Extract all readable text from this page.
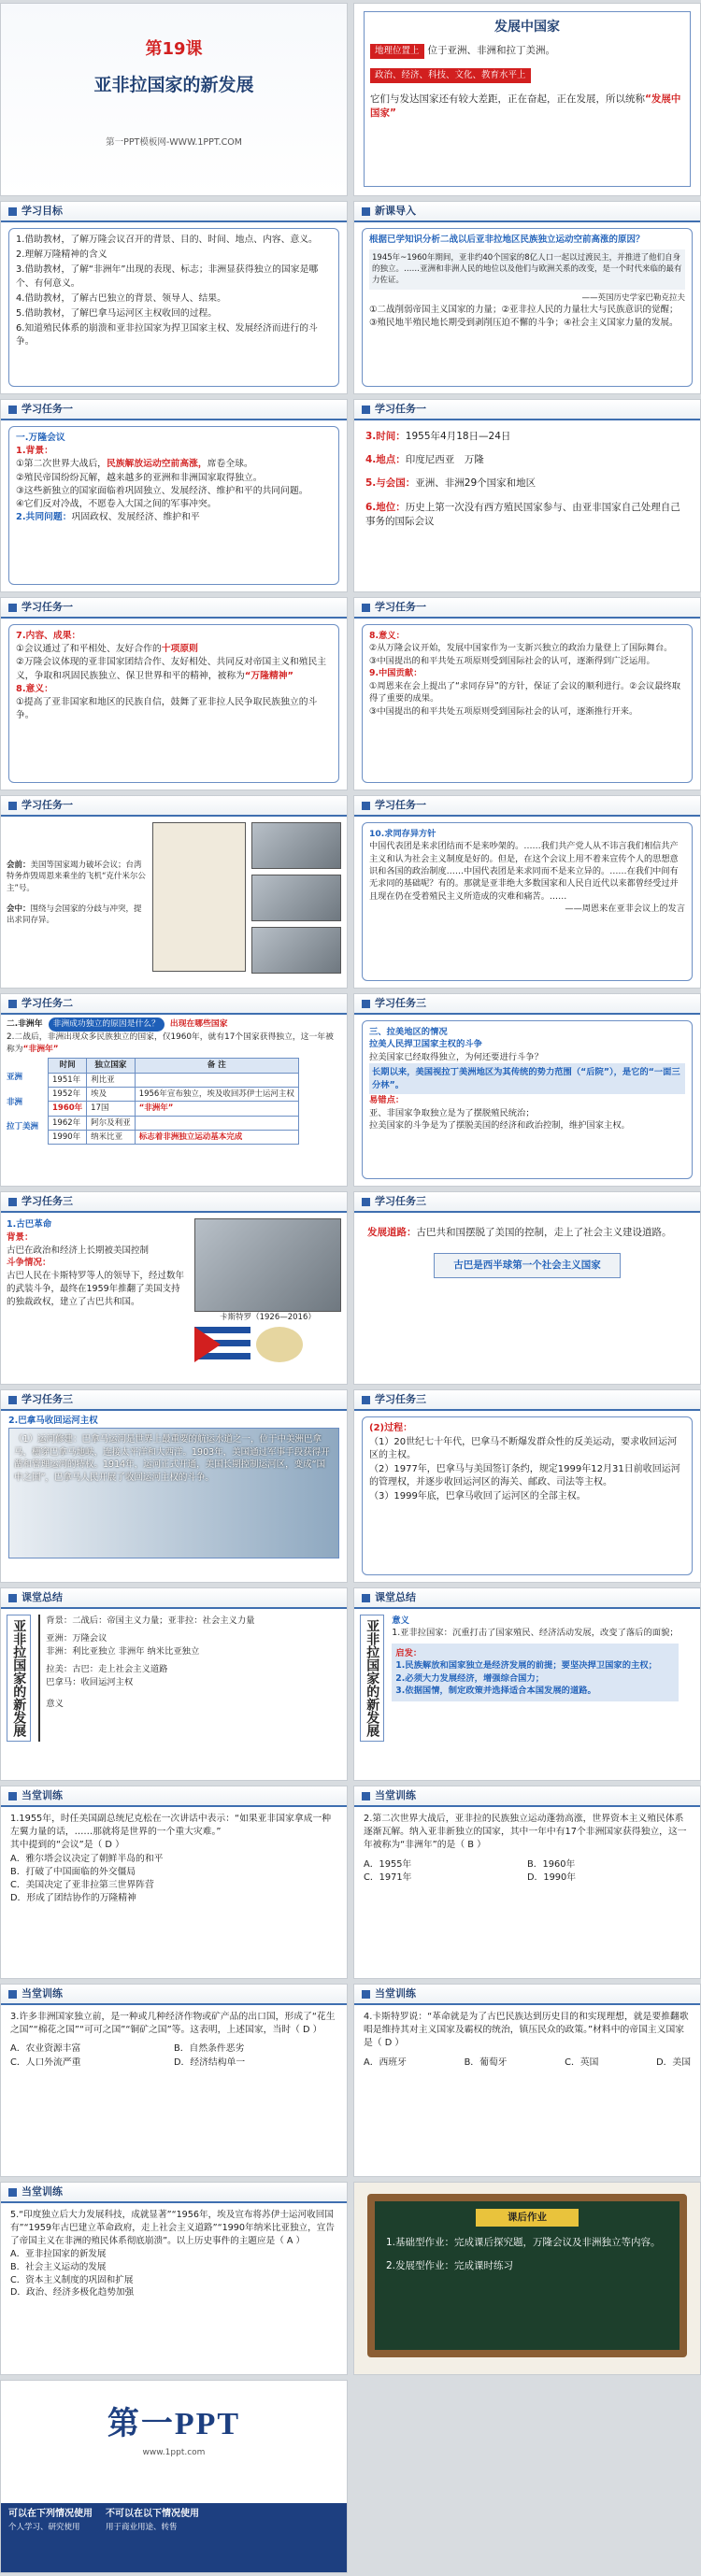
第19课
亚非拉国家的新发展
第一PPT模板网-WWW.1PPT.COM
发展中国家
地理位置上 位于亚洲、非洲和拉丁美洲。
政治、经济、科技、文化、教育水平上
它们与发达国家还有较大差距，正在奋起，正在发展，所以统称“发展中国家”
学习目标
1.借助教材，了解万隆会议召开的背景、目的、时间、地点、内容、意义。
2.理解万隆精神的含义
3.借助教材，了解“非洲年”出现的表现、标志；非洲显获得独立的国家是哪个、有何意义。
4.借助教材，了解古巴独立的背景、领导人、结果。
5.借助教材，了解巴拿马运河区主权收回的过程。
6.知道殖民体系的崩溃和亚非拉国家为捍卫国家主权、发展经济而进行的斗争。
新课导入
根据已学知识分析二战以后亚非拉地区民族独立运动空前高涨的原因？
1945年~1960年期间，亚非约40个国家的8亿人口一起以过渡民主，并推进了他们自身的独立。……亚洲和非洲人民的地位以及他们与欧洲关系的改变，是一个时代来临的最有力佐证。
——英国历史学家巴勒克拉夫
①二战削弱帝国主义国家的力量；②亚非拉人民的力量壮大与民族意识的觉醒；③殖民地半殖民地长期受到剥削压迫不懈的斗争；④社会主义国家力量的发展。
学习任务一
一.万隆会议
1.背景：
①第二次世界大战后，民族解放运动空前高涨，席卷全球。
②殖民帝国纷纷瓦解，越来越多的亚洲和非洲国家取得独立。
③这些新独立的国家面临着巩固独立、发展经济、维护和平的共同问题。
④它们反对冷战，不愿卷入大国之间的军事冲突。
2.共同问题：巩固政权、发展经济、维护和平
学习任务一
3.时间：1955年4月18日—24日
4.地点：印度尼西亚　万隆
5.与会国：亚洲、非洲29个国家和地区
6.地位：历史上第一次没有西方殖民国家参与、由亚非国家自己处理自己事务的国际会议
学习任务一
7.内容、成果：
①会议通过了和平相处、友好合作的十项原则
②万隆会议体现的亚非国家团结合作、友好相处、共同反对帝国主义和殖民主义，争取和巩固民族独立、保卫世界和平的精神，被称为“万隆精神”
8.意义：
①提高了亚非国家和地区的民族自信，鼓舞了亚非拉人民争取民族独立的斗争。
学习任务一
8.意义：
②从万隆会议开始，发展中国家作为一支新兴独立的政治力量登上了国际舞台。
③中国提出的和平共处五项原则受到国际社会的认可，逐渐得到广泛运用。
9.中国贡献：
①周恩来在会上提出了“求同存异”的方针，保证了会议的顺利进行。②会议最终取得了重要的成果。
③中国提出的和平共处五项原则受到国际社会的认可，逐渐推行开来。
学习任务一
会前：美国等国家竭力破坏会议；台湾特务炸毁周恩来乘坐的飞机“克什米尔公主”号。
会中：围绕与会国家的分歧与冲突，提出求同存异。
学习任务一
10.求同存异方针
中国代表团是来求团结而不是来吵架的。……我们共产党人从不讳言我们相信共产主义和认为社会主义制度是好的。但是，在这个会议上用不着来宣传个人的思想意识和各国的政治制度……中国代表团是来求同而不是来立异的。……在我们中间有无求同的基础呢？有的。那就是亚非绝大多数国家和人民自近代以来都曾经受过并且现在仍在受着殖民主义所造成的灾难和痛苦。……
——周恩来在亚非会议上的发言
学习任务二
二.非洲年	非洲成功独立的原因是什么？	出现在哪些国家
2.二战后，非洲出现众多民族独立的国家，仅1960年，就有17个国家获得独立，这一年被称为“非洲年”
亚洲
非洲
拉丁美洲
时间	独立国家	备 注
1951年	利比亚	
1952年	埃及	1956年宣布独立，埃及收回苏伊士运河主权
1960年	17国	“非洲年”
1962年	阿尔及利亚	
1990年	纳米比亚	标志着非洲独立运动基本完成
学习任务三
三、拉美地区的情况
拉美人民捍卫国家主权的斗争
拉美国家已经取得独立，为何还要进行斗争？
长期以来，美国视拉丁美洲地区为其传统的势力范围（“后院”），是它的“一面三分林”。
易错点：
亚、非国家争取独立是为了摆脱殖民统治；
拉美国家的斗争是为了摆脱美国的经济和政治控制，维护国家主权。
学习任务三
1.古巴革命
背景：
古巴在政治和经济上长期被美国控制
斗争情况：
古巴人民在卡斯特罗等人的领导下，经过数年的武装斗争，最终在1959年推翻了美国支持的独裁政权，建立了古巴共和国。
卡斯特罗（1926—2016）
学习任务三
发展道路：古巴共和国摆脱了美国的控制，走上了社会主义建设道路。
古巴是西半球第一个社会主义国家
学习任务三
2.巴拿马收回运河主权
（1）运河修建：巴拿马运河是世界上最重要的航运水道之一，位于中美洲巴拿马，横穿巴拿马地峡，连接太平洋和大西洋。1903年，美国通过军事手段获得开凿和管理运河的特权。1914年，运河正式开通，美国长期控制运河区，变成“国中之国”，巴拿马人民开展了收回运河主权的斗争。
学习任务三
(2)过程：
（1）20世纪七十年代，巴拿马不断爆发群众性的反美运动，要求收回运河区的主权。
（2）1977年，巴拿马与美国签订条约，规定1999年12月31日前收回运河的管理权，并逐步收回运河区的海关、邮政、司法等主权。
（3）1999年底，巴拿马收回了运河区的全部主权。
课堂总结
亚非拉国家的新发展	背景：二战后：帝国主义力量；亚非拉：社会主义力量
亚洲：万隆会议
非洲：利比亚独立 非洲年 纳米比亚独立
拉美：古巴：走上社会主义道路
巴拿马：收回运河主权
意义
课堂总结
亚非拉国家的新发展	意义
1.亚非拉国家：沉重打击了国家殖民、经济活动发展，改变了落后的面貌；
启发：
1.民族解放和国家独立是经济发展的前提；要坚决捍卫国家的主权；
2.必须大力发展经济，增强综合国力；
3.依据国情，制定政策并选择适合本国发展的道路。
当堂训练
1.1955年，时任美国副总统尼克松在一次讲话中表示：“如果亚非国家拿成一种左翼力量的话，……那就将是世界的一个重大灾难。”
其中提到的“会议”是（ D ）
A．雅尔塔会议决定了朝鲜半岛的和平
B．打破了中国面临的外交僵局
C．美国决定了亚非拉第三世界阵营
D．形成了团结协作的万隆精神
当堂训练
2.第二次世界大战后，亚非拉的民族独立运动蓬勃高涨，世界资本主义殖民体系逐渐瓦解。纳入亚非新独立的国家，其中一年中有17个非洲国家获得独立，这一年被称为“非洲年”的是（ B ）
A．1955年	B．1960年
C．1971年	D．1990年
当堂训练
3.许多非洲国家独立前，是一种或几种经济作物或矿产品的出口国，形成了“花生之国”“棉花之国”“可可之国”“铜矿之国”等。这表明，上述国家，当时（ D ）
A．农业资源丰富	B．自然条件恶劣
C．人口外流严重	D．经济结构单一
当堂训练
4.卡斯特罗说：“革命就是为了古巴民族达到历史目的和实现理想，就是要推翻歌唱是维持其对主义国家及霸权的统治，镇压民众的政策。”材料中的帝国主义国家是（ D ）
A．西班牙	B．葡萄牙	C．英国	D．美国
当堂训练
5.“印度独立后大力发展科技，成就显著”“1956年，埃及宣布将苏伊士运河收回国有”“1959年古巴建立革命政府，走上社会主义道路”“1990年纳米比亚独立，宣告了帝国主义在非洲的殖民体系彻底崩溃”。以上历史事件的主题应是（ A ）
A．亚非拉国家的新发展
B．社会主义运动的发展
C．资本主义制度的巩固和扩展
D．政治、经济多极化趋势加强
课后作业
1.基础型作业：完成课后探究题，万隆会议及非洲独立等内容。
2.发展型作业：完成课时练习
第一PPT
www.1ppt.com
可以在下列情况使用
个人学习、研究使用
不可以在以下情况使用
用于商业用途、转售
